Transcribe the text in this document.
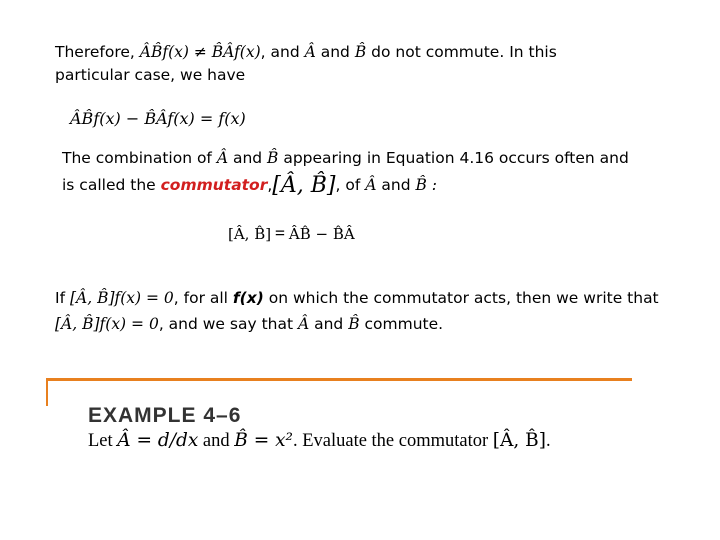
Therefore, ÂB̂f(x) ≠ B̂Âf(x), and Â and B̂ do not commute. In this
particular case, we have
ÂB̂f(x) − B̂Âf(x) = f(x)
The combination of Â and B̂ appearing in Equation 4.16 occurs often and
is called the commutator,[Â, B̂], of Â and B̂ :
[Â, B̂] = ÂB̂ − B̂Â
If [Â, B̂]f(x) = 0, for all f(x) on which the commutator acts, then we write that
[Â, B̂]f(x) = 0, and we say that Â and B̂ commute.
EXAMPLE 4–6
Let Â = d/dx and B̂ = x². Evaluate the commutator [Â, B̂].
